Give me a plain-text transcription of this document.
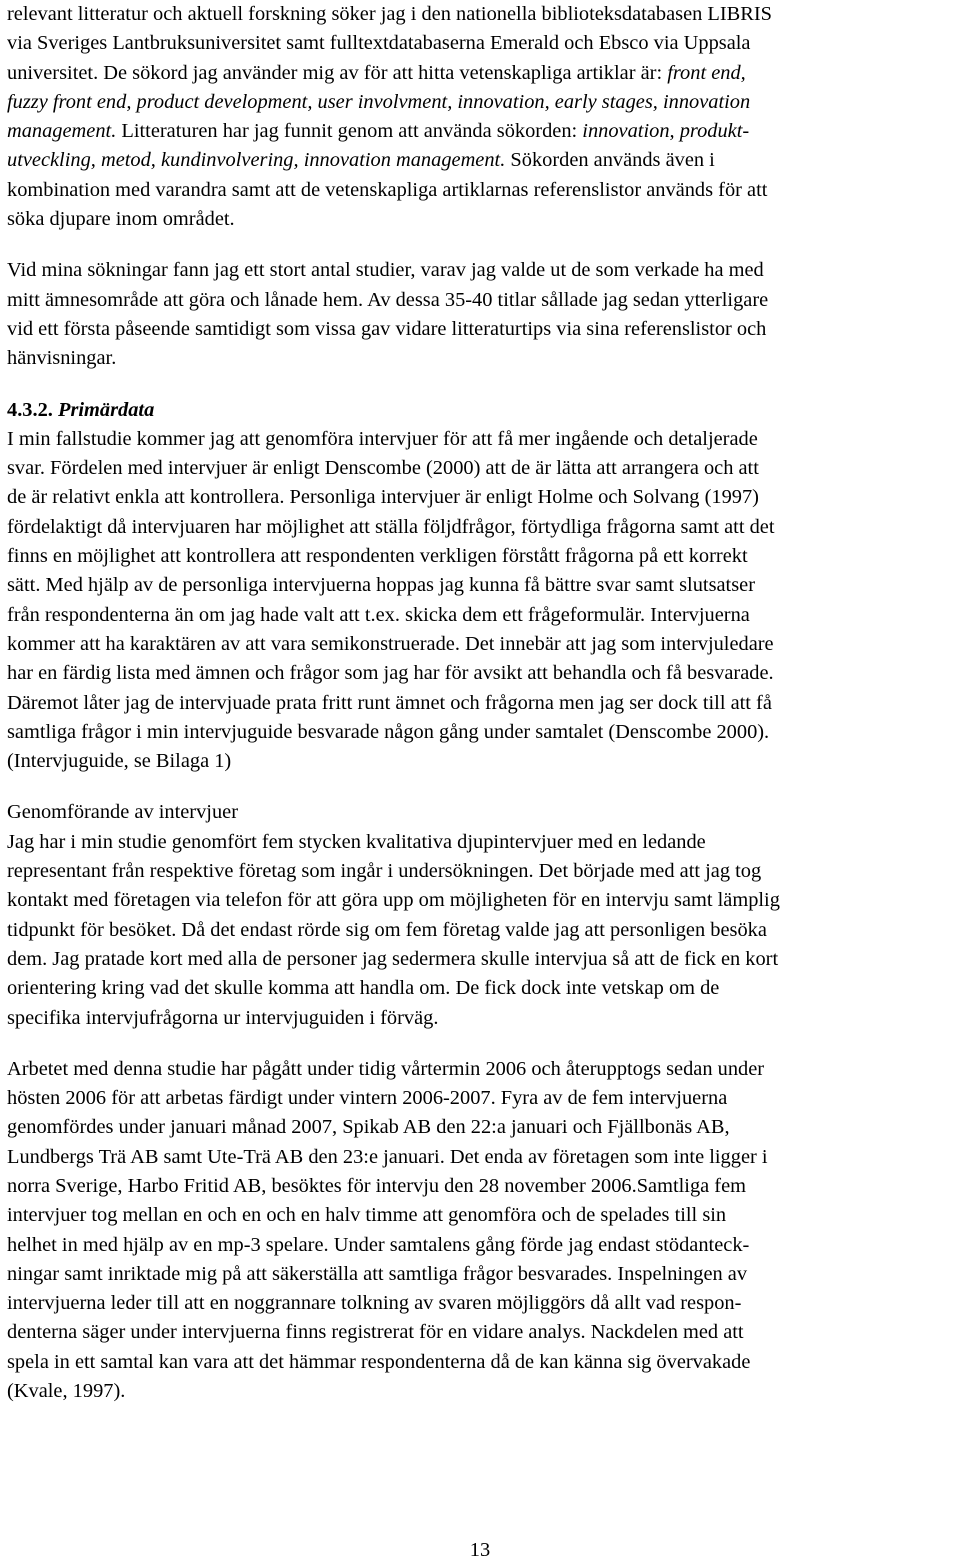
relevant litteratur och aktuell forskning söker jag i den nationella biblioteksdatabasen LIBRIS
via Sveriges Lantbruksuniversitet samt fulltextdatabaserna Emerald och Ebsco via Uppsala
universitet. De sökord jag använder mig av för att hitta vetenskapliga artiklar är: front end,
fuzzy front end, product development, user involvment, innovation, early stages, innovation
management. Litteraturen har jag funnit genom att använda sökorden: innovation, produkt-
utveckling, metod, kundinvolvering, innovation management. Sökorden används även i
kombination med varandra samt att de vetenskapliga artiklarnas referenslistor används för att
söka djupare inom området.
Vid mina sökningar fann jag ett stort antal studier, varav jag valde ut de som verkade ha med
mitt ämnesområde att göra och lånade hem. Av dessa 35-40 titlar sållade jag sedan ytterligare
vid ett första påseende samtidigt som vissa gav vidare litteraturtips via sina referenslistor och
hänvisningar.
4.3.2. Primärdata
I min fallstudie kommer jag att genomföra intervjuer för att få mer ingående och detaljerade
svar. Fördelen med intervjuer är enligt Denscombe (2000) att de är lätta att arrangera och att
de är relativt enkla att kontrollera. Personliga intervjuer är enligt Holme och Solvang (1997)
fördelaktigt då intervjuaren har möjlighet att ställa följdfrågor, förtydliga frågorna samt att det
finns en möjlighet att kontrollera att respondenten verkligen förstått frågorna på ett korrekt
sätt. Med hjälp av de personliga intervjuerna hoppas jag kunna få bättre svar samt slutsatser
från respondenterna än om jag hade valt att t.ex. skicka dem ett frågeformulär. Intervjuerna
kommer att ha karaktären av att vara semikonstruerade. Det innebär att jag som intervjuledare
har en färdig lista med ämnen och frågor som jag har för avsikt att behandla och få besvarade.
Däremot låter jag de intervjuade prata fritt runt ämnet och frågorna men jag ser dock till att få
samtliga frågor i min intervjuguide besvarade någon gång under samtalet (Denscombe 2000).
(Intervjuguide, se Bilaga 1)
Genomförande av intervjuer
Jag har i min studie genomfört fem stycken kvalitativa djupintervjuer med en ledande
representant från respektive företag som ingår i undersökningen. Det började med att jag tog
kontakt med företagen via telefon för att göra upp om möjligheten för en intervju samt lämplig
tidpunkt för besöket. Då det endast rörde sig om fem företag valde jag att personligen besöka
dem. Jag pratade kort med alla de personer jag sedermera skulle intervjua så att de fick en kort
orientering kring vad det skulle komma att handla om. De fick dock inte vetskap om de
specifika intervjufrågorna ur intervjuguiden i förväg.
Arbetet med denna studie har pågått under tidig vårtermin 2006 och återupptogs sedan under
hösten 2006 för att arbetas färdigt under vintern 2006-2007. Fyra av de fem intervjuerna
genomfördes under januari månad 2007, Spikab AB den 22:a januari och Fjällbonäs AB,
Lundbergs Trä AB samt Ute-Trä AB den 23:e januari. Det enda av företagen som inte ligger i
norra Sverige, Harbo Fritid AB, besöktes för intervju den 28 november 2006.Samtliga fem
intervjuer tog mellan en och en och en halv timme att genomföra och de spelades till sin
helhet in med hjälp av en mp-3 spelare. Under samtalens gång förde jag endast stödanteck-
ningar samt inriktade mig på att säkerställa att samtliga frågor besvarades. Inspelningen av
intervjuerna leder till att en noggrannare tolkning av svaren möjliggörs då allt vad respon-
denterna säger under intervjuerna finns registrerat för en vidare analys. Nackdelen med att
spela in ett samtal kan vara att det hämmar respondenterna då de kan känna sig övervakade
(Kvale, 1997).
13
